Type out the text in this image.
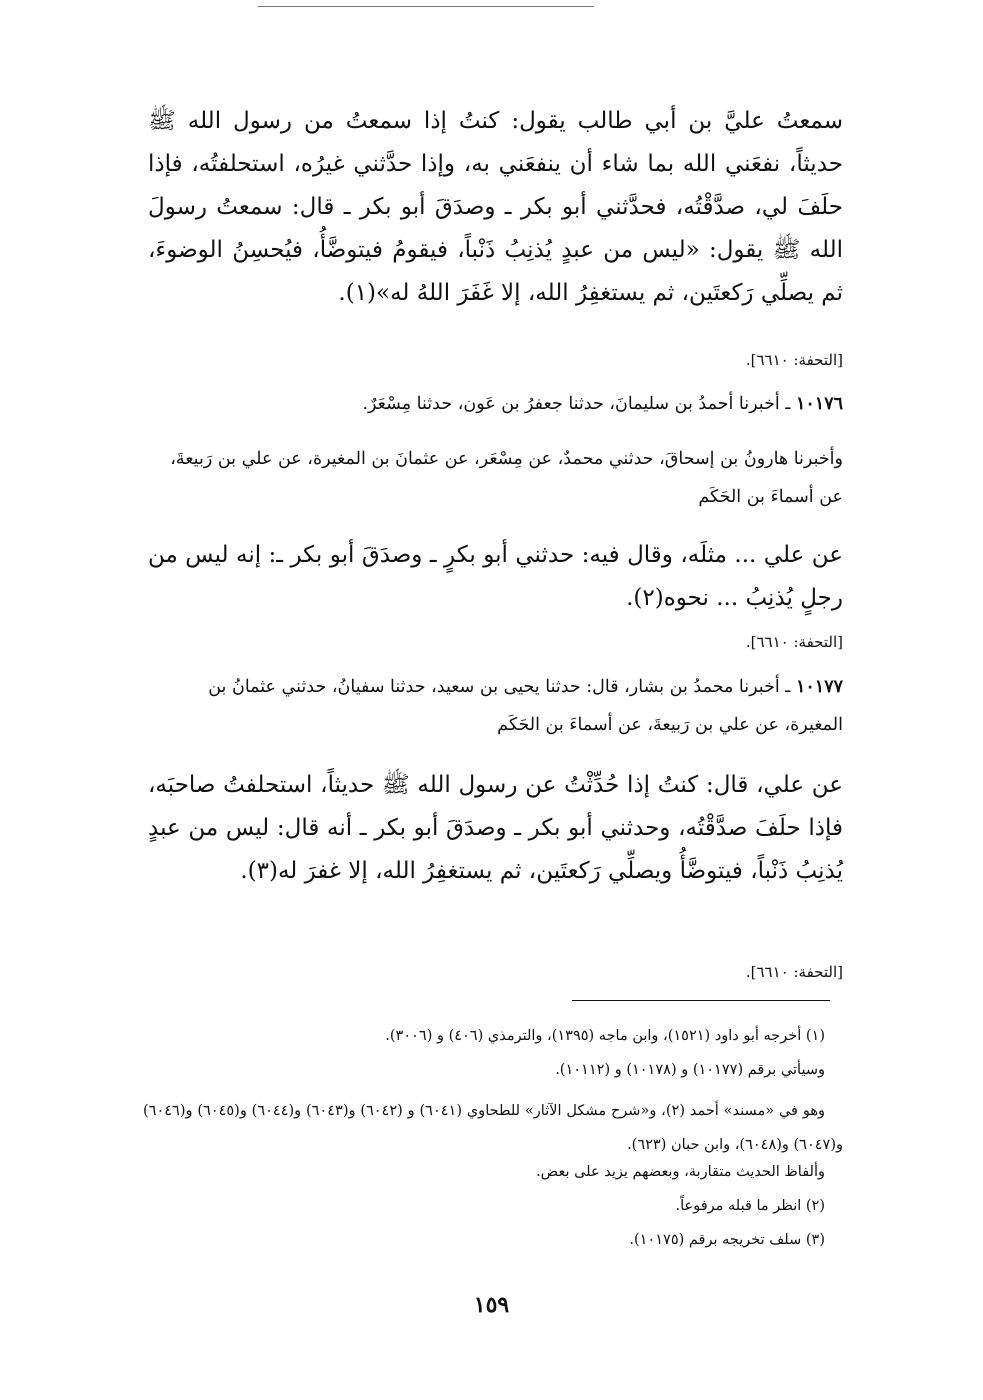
سمعتُ عليَّ بن أبي طالب يقول: كنتُ إذا سمعتُ من رسول الله ﷺ حديثاً، نفعَني الله بما شاء أن ينفعَني به، وإذا حدَّثني غيرُه، استحلفتُه، فإذا حلَفَ لي، صدَّقْتُه، فحدَّثني أبو بكر ـ وصدَقَ أبو بكر ـ قال: سمعتُ رسولَ الله ﷺ يقول: «ليس من عبدٍ يُذنِبُ ذَنْباً، فيقومُ فيتوضَّأُ، فيُحسِنُ الوضوءَ، ثم يصلِّي رَكعتَين، ثم يستغفِرُ الله، إلا غَفَرَ اللهُ له»(١).

[التحفة: ٦٦١٠].

١٠١٧٦ ـ أخبرنا أحمدُ بن سليمانَ، حدثنا جعفرُ بن عَون، حدثنا مِسْعَرٌ.

وأخبرنا هارونُ بن إسحاقَ، حدثني محمدٌ، عن مِسْعَر، عن عثمانَ بن المغيرة، عن علي بن رَبيعةَ، عن أسماءَ بن الحَكَم

عن علي ... مثلَه، وقال فيه: حدثني أبو بكرٍ ـ وصدَقَ أبو بكر ـ: إنه ليس من رجلٍ يُذنِبُ ... نحوه(٢).

[التحفة: ٦٦١٠].

١٠١٧٧ ـ أخبرنا محمدُ بن بشار، قال: حدثنا يحيى بن سعيد، حدثنا سفيانُ، حدثني عثمانُ بن المغيرة، عن علي بن رَبيعةَ، عن أسماءَ بن الحَكَم

عن علي، قال: كنتُ إذا حُدِّثْتُ عن رسول الله ﷺ حديثاً، استحلفتُ صاحبَه، فإذا حلَفَ صدَّقْتُه، وحدثني أبو بكر ـ وصدَقَ أبو بكر ـ أنه قال: ليس من عبدٍ يُذنِبُ ذَنْباً، فيتوضَّأُ ويصلِّي رَكعتَين، ثم يستغفِرُ الله، إلا غفرَ له(٣).

[التحفة: ٦٦١٠].

(١) أخرجه أبو داود (١٥٢١)، وابن ماجه (١٣٩٥)، والترمذي (٤٠٦) و (٣٠٠٦).

وسيأتي برقم (١٠١٧٧) و (١٠١٧٨) و (١٠١١٢).

وهو في «مسند» أحمد (٢)، و«شرح مشكل الآثار» للطحاوي (٦٠٤١) و (٦٠٤٢) و(٦٠٤٣) و(٦٠٤٤) و(٦٠٤٥) و(٦٠٤٦) و(٦٠٤٧) و(٦٠٤٨)، وابن حبان (٦٢٣).

وألفاظ الحديث متقاربة، وبعضهم يزيد على بعض.

(٢) انظر ما قبله مرفوعاً.

(٣) سلف تخريجه برقم (١٠١٧٥).

١٥٩
